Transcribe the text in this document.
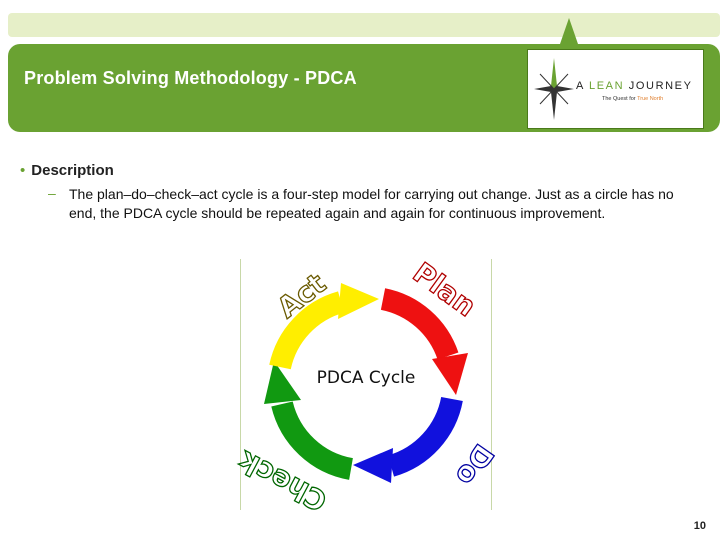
Problem Solving Methodology - PDCA	A LEAN JOURNEY
The Quest for True North
• Description
– The plan–do–check–act cycle is a four-step model for carrying out change. Just as a circle has no end, the PDCA cycle should be repeated again and again for continuous improvement.
PDCA Cycle
Act	Plan
Do
Check
10
